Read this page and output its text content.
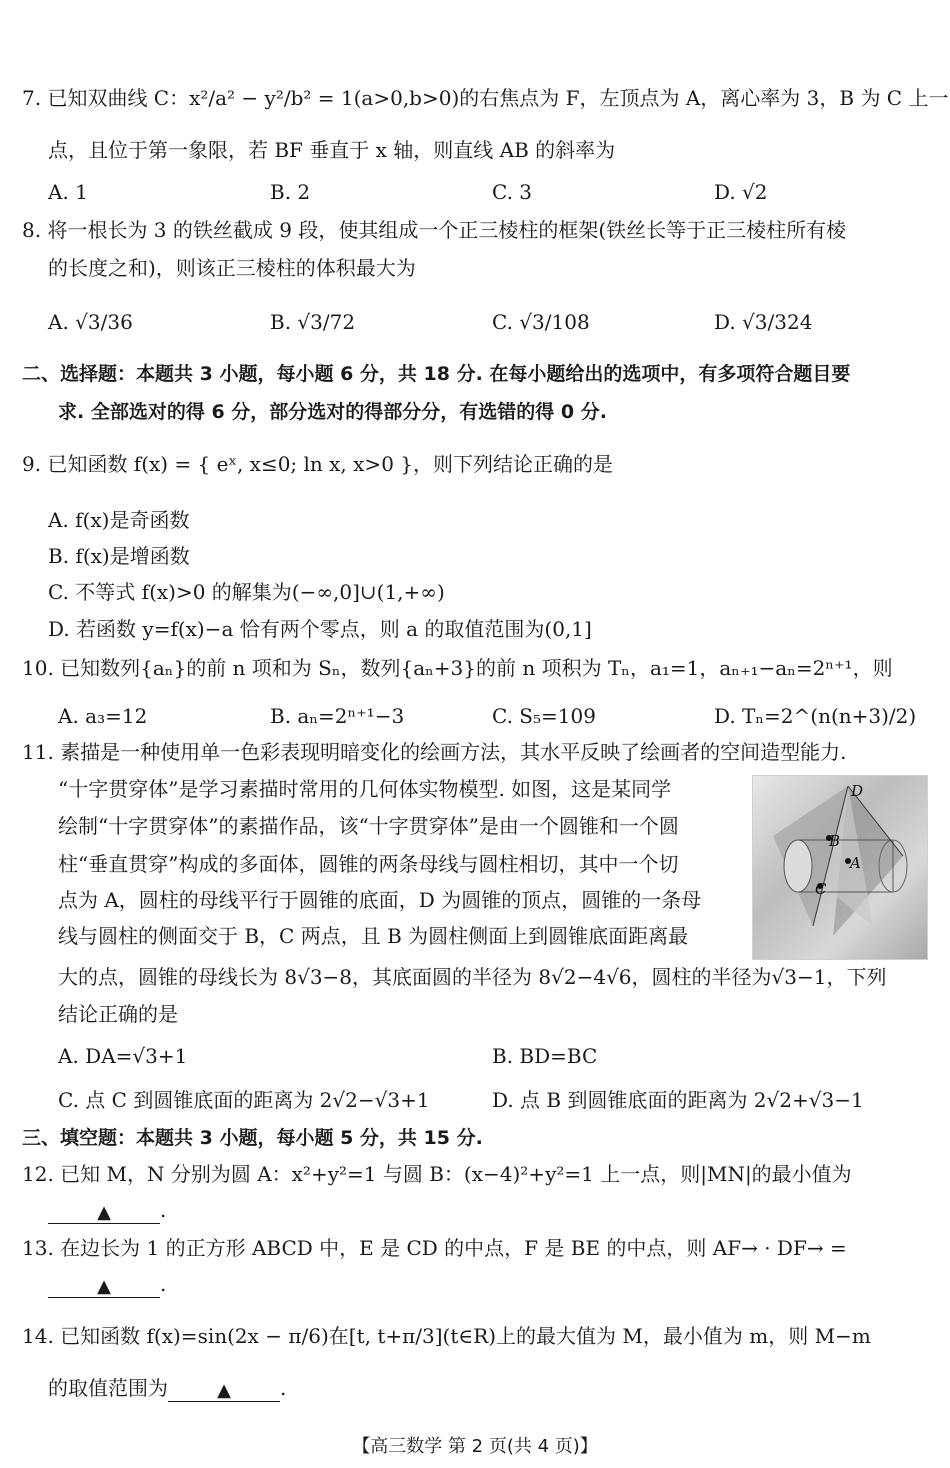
7. 已知双曲线 C：x²/a² − y²/b² = 1(a>0,b>0)的右焦点为 F，左顶点为 A，离心率为 3，B 为 C 上一
点，且位于第一象限，若 BF 垂直于 x 轴，则直线 AB 的斜率为
A. 1	B. 2	C. 3	D. √2
8. 将一根长为 3 的铁丝截成 9 段，使其组成一个正三棱柱的框架(铁丝长等于正三棱柱所有棱
的长度之和)，则该正三棱柱的体积最大为
A. √3/36	B. √3/72	C. √3/108	D. √3/324
二、选择题：本题共 3 小题，每小题 6 分，共 18 分. 在每小题给出的选项中，有多项符合题目要
求. 全部选对的得 6 分，部分选对的得部分分，有选错的得 0 分.
9. 已知函数 f(x) = { eˣ, x≤0; ln x, x>0 }，则下列结论正确的是
A. f(x)是奇函数
B. f(x)是增函数
C. 不等式 f(x)>0 的解集为(−∞,0]∪(1,+∞)
D. 若函数 y=f(x)−a 恰有两个零点，则 a 的取值范围为(0,1]
10. 已知数列{aₙ}的前 n 项和为 Sₙ，数列{aₙ+3}的前 n 项积为 Tₙ，a₁=1，aₙ₊₁−aₙ=2ⁿ⁺¹，则
A. a₃=12	B. aₙ=2ⁿ⁺¹−3	C. S₅=109	D. Tₙ=2^(n(n+3)/2)
11. 素描是一种使用单一色彩表现明暗变化的绘画方法，其水平反映了绘画者的空间造型能力.
“十字贯穿体”是学习素描时常用的几何体实物模型. 如图，这是某同学
绘制“十字贯穿体”的素描作品，该“十字贯穿体”是由一个圆锥和一个圆
柱“垂直贯穿”构成的多面体，圆锥的两条母线与圆柱相切，其中一个切
点为 A，圆柱的母线平行于圆锥的底面，D 为圆锥的顶点，圆锥的一条母
线与圆柱的侧面交于 B，C 两点，且 B 为圆柱侧面上到圆锥底面距离最
D
B
A
C
大的点，圆锥的母线长为 8√3−8，其底面圆的半径为 8√2−4√6，圆柱的半径为√3−1，下列
结论正确的是
A. DA=√3+1	B. BD=BC
C. 点 C 到圆锥底面的距离为 2√2−√3+1	D. 点 B 到圆锥底面的距离为 2√2+√3−1
三、填空题：本题共 3 小题，每小题 5 分，共 15 分.
12. 已知 M，N 分别为圆 A：x²+y²=1 与圆 B：(x−4)²+y²=1 上一点，则|MN|的最小值为
▲ .
13. 在边长为 1 的正方形 ABCD 中，E 是 CD 的中点，F 是 BE 的中点，则 AF→ · DF→ =
▲ .
14. 已知函数 f(x)=sin(2x − π/6)在[t, t+π/3](t∈R)上的最大值为 M，最小值为 m，则 M−m
的取值范围为	▲ .
【高三数学 第 2 页(共 4 页)】
